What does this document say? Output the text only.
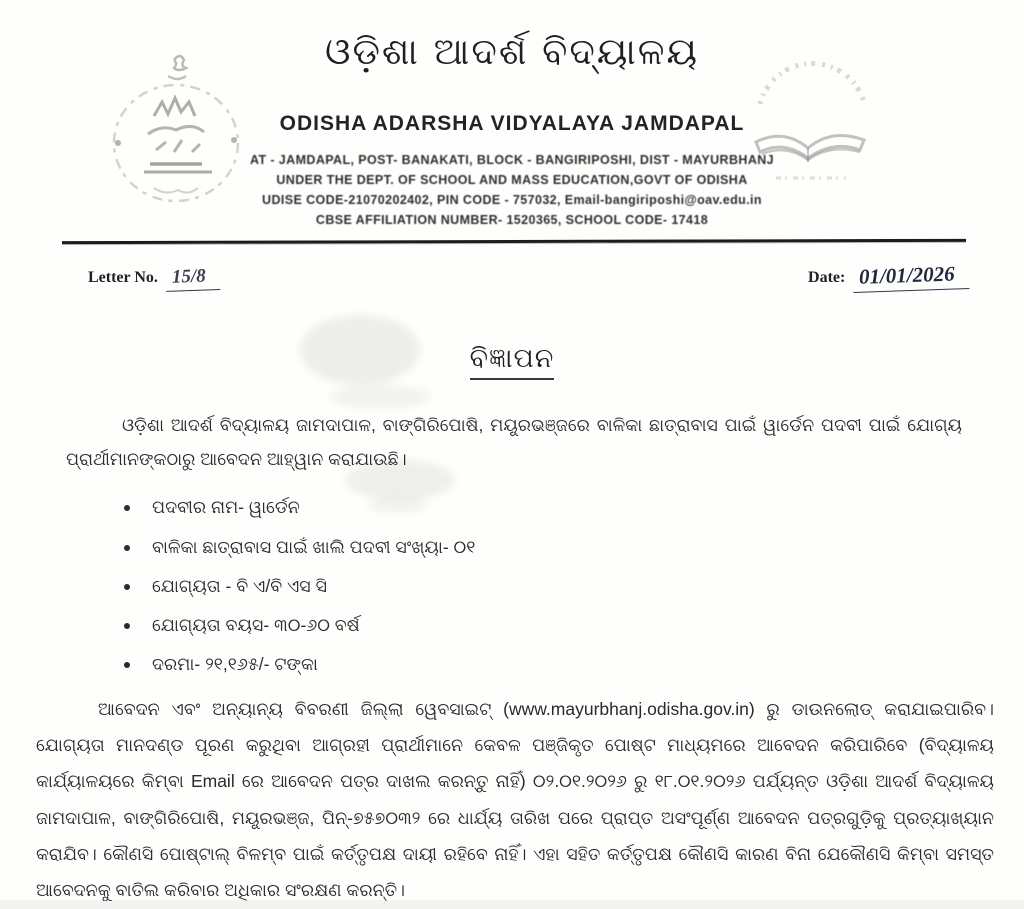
ଓଡ଼ିଶା ଆଦର୍ଶ ବିଦ୍ୟାଳୟ
ODISHA ADARSHA VIDYALAYA JAMDAPAL
AT - JAMDAPAL, POST- BANAKATI, BLOCK - BANGIRIPOSHI, DIST - MAYURBHANJ
UNDER THE DEPT. OF SCHOOL AND MASS EDUCATION,GOVT OF ODISHA
UDISE CODE-21070202402, PIN CODE - 757032, Email-bangiriposhi@oav.edu.in
CBSE AFFILIATION NUMBER- 1520365, SCHOOL CODE- 17418
Letter No. 15/8	Date: 01/01/2026
ବିଜ୍ଞାପନ

ଓଡ଼ିଶା ଆଦର୍ଶ ବିଦ୍ୟାଳୟ ଜାମଦାପାଳ, ବାଙ୍ଗିରିପୋଷି, ମୟୂରଭଞ୍ଜରେ ବାଳିକା ଛାତ୍ରାବାସ ପାଇଁ ୱାର୍ଡେନ ପଦବୀ ପାଇଁ ଯୋଗ୍ୟ ପ୍ରାର୍ଥୀମାନଙ୍କଠାରୁ ଆବେଦନ ଆହ୍ୱାନ କରାଯାଉଛି।

ପଦବୀର ନାମ- ୱାର୍ଡେନ
ବାଳିକା ଛାତ୍ରାବାସ ପାଇଁ ଖାଲି ପଦବୀ ସଂଖ୍ୟା- ୦୧
ଯୋଗ୍ୟତା - ବି ଏ/ବି ଏସ ସି
ଯୋଗ୍ୟତା ବୟସ- ୩୦-୬୦ ବର୍ଷ
ଦରମା- ୨୧,୧୬୫/- ଟଙ୍କା

ଆବେଦନ ଏବଂ ଅନ୍ୟାନ୍ୟ ବିବରଣୀ ଜିଲ୍ଲା ୱେବସାଇଟ୍ (www.mayurbhanj.odisha.gov.in) ରୁ ଡାଉନଲୋଡ୍ କରାଯାଇପାରିବ। ଯୋଗ୍ୟତା ମାନଦଣ୍ଡ ପୂରଣ କରୁଥିବା ଆଗ୍ରହୀ ପ୍ରାର୍ଥୀମାନେ କେବଳ ପଞ୍ଜିକୃତ ପୋଷ୍ଟ ମାଧ୍ୟମରେ ଆବେଦନ କରିପାରିବେ (ବିଦ୍ୟାଳୟ କାର୍ଯ୍ୟାଳୟରେ କିମ୍ବା Email ରେ ଆବେଦନ ପତ୍ର ଦାଖଲ କରନ୍ତୁ ନାହିଁ) ୦୨.୦୧.୨୦୨୬ ରୁ ୧୮.୦୧.୨୦୨୬ ପର୍ଯ୍ୟନ୍ତ ଓଡ଼ିଶା ଆଦର୍ଶ ବିଦ୍ୟାଳୟ ଜାମଦାପାଳ, ବାଙ୍ଗିରିପୋଷି, ମୟୂରଭଞ୍ଜ, ପିନ୍-୭୫୭୦୩୨ ରେ ଧାର୍ଯ୍ୟ ତାରିଖ ପରେ ପ୍ରାପ୍ତ ଅସଂପୂର୍ଣ୍ଣ ଆବେଦନ ପତ୍ରଗୁଡ଼ିକୁ ପ୍ରତ୍ୟାଖ୍ୟାନ କରାଯିବ। କୌଣସି ପୋଷ୍ଟାଲ୍ ବିଳମ୍ବ ପାଇଁ କର୍ତ୍ତୃପକ୍ଷ ଦାୟୀ ରହିବେ ନାହିଁ। ଏହା ସହିତ କର୍ତ୍ତୃପକ୍ଷ କୌଣସି କାରଣ ବିନା ଯେକୌଣସି କିମ୍ବା ସମସ୍ତ ଆବେଦନକୁ ବାତିଲ କରିବାର ଅଧିକାର ସଂରକ୍ଷଣ କରନ୍ତି।
